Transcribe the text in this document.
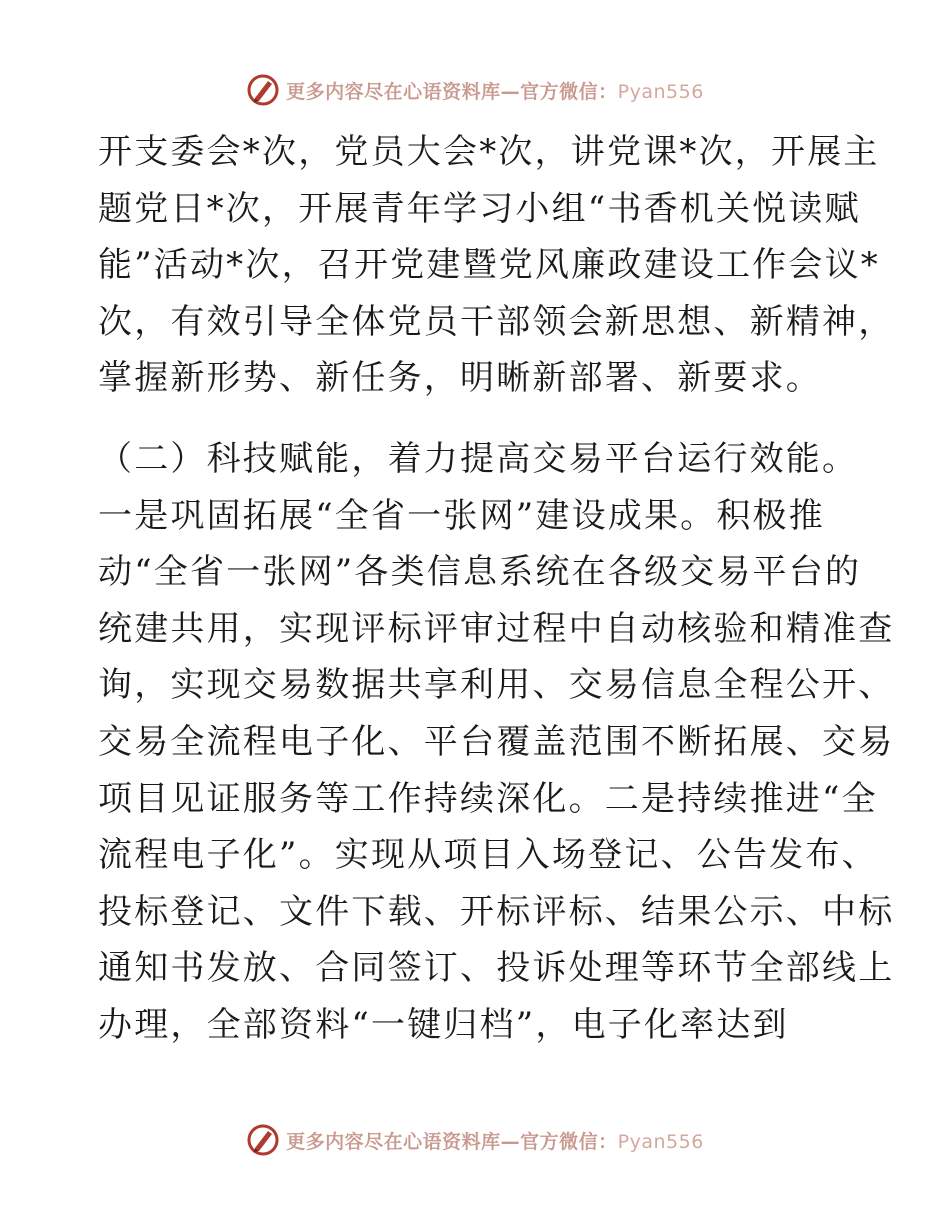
更多内容尽在心语资料库—官方微信：Pyan556
开支委会*次，党员大会*次，讲党课*次，开展主
题党日*次，开展青年学习小组“书香机关悦读赋
能”活动*次，召开党建暨党风廉政建设工作会议*
次，有效引导全体党员干部领会新思想、新精神，
掌握新形势、新任务，明晰新部署、新要求。
（二）科技赋能，着力提高交易平台运行效能。
一是巩固拓展“全省一张网”建设成果。积极推
动“全省一张网”各类信息系统在各级交易平台的
统建共用，实现评标评审过程中自动核验和精准查
询，实现交易数据共享利用、交易信息全程公开、
交易全流程电子化、平台覆盖范围不断拓展、交易
项目见证服务等工作持续深化。二是持续推进“全
流程电子化”。实现从项目入场登记、公告发布、
投标登记、文件下载、开标评标、结果公示、中标
通知书发放、合同签订、投诉处理等环节全部线上
办理，全部资料“一键归档”，电子化率达到
更多内容尽在心语资料库—官方微信：Pyan556
